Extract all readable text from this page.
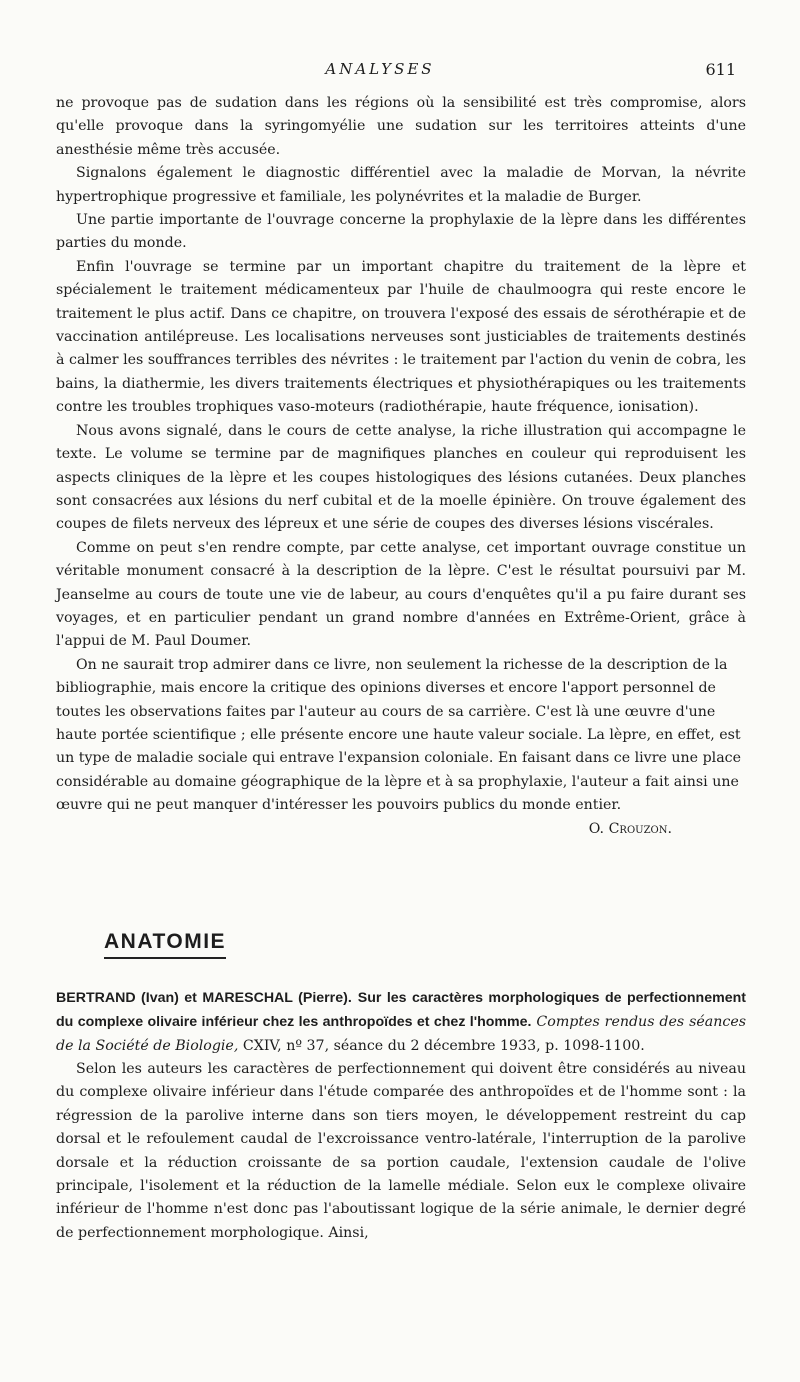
ANALYSES	611

ne provoque pas de sudation dans les régions où la sensibilité est très compromise, alors qu'elle provoque dans la syringomyélie une sudation sur les territoires atteints d'une anesthésie même très accusée.

Signalons également le diagnostic différentiel avec la maladie de Morvan, la névrite hypertrophique progressive et familiale, les polynévrites et la maladie de Burger.

Une partie importante de l'ouvrage concerne la prophylaxie de la lèpre dans les différentes parties du monde.

Enfin l'ouvrage se termine par un important chapitre du traitement de la lèpre et spécialement le traitement médicamenteux par l'huile de chaulmoogra qui reste encore le traitement le plus actif. Dans ce chapitre, on trouvera l'exposé des essais de sérothérapie et de vaccination antilépreuse. Les localisations nerveuses sont justiciables de traitements destinés à calmer les souffrances terribles des névrites : le traitement par l'action du venin de cobra, les bains, la diathermie, les divers traitements électriques et physiothérapiques ou les traitements contre les troubles trophiques vaso-moteurs (radiothérapie, haute fréquence, ionisation).

Nous avons signalé, dans le cours de cette analyse, la riche illustration qui accompagne le texte. Le volume se termine par de magnifiques planches en couleur qui reproduisent les aspects cliniques de la lèpre et les coupes histologiques des lésions cutanées. Deux planches sont consacrées aux lésions du nerf cubital et de la moelle épinière. On trouve également des coupes de filets nerveux des lépreux et une série de coupes des diverses lésions viscérales.

Comme on peut s'en rendre compte, par cette analyse, cet important ouvrage constitue un véritable monument consacré à la description de la lèpre. C'est le résultat poursuivi par M. Jeanselme au cours de toute une vie de labeur, au cours d'enquêtes qu'il a pu faire durant ses voyages, et en particulier pendant un grand nombre d'années en Extrême-Orient, grâce à l'appui de M. Paul Doumer.

On ne saurait trop admirer dans ce livre, non seulement la richesse de la description de la bibliographie, mais encore la critique des opinions diverses et encore l'apport personnel de toutes les observations faites par l'auteur au cours de sa carrière. C'est là une œuvre d'une haute portée scientifique ; elle présente encore une haute valeur sociale. La lèpre, en effet, est un type de maladie sociale qui entrave l'expansion coloniale. En faisant dans ce livre une place considérable au domaine géographique de la lèpre et à sa prophylaxie, l'auteur a fait ainsi une œuvre qui ne peut manquer d'intéresser les pouvoirs publics du monde entier.
O. Crouzon.

ANATOMIE

BERTRAND (Ivan) et MARESCHAL (Pierre). Sur les caractères morphologiques de perfectionnement du complexe olivaire inférieur chez les anthropoïdes et chez l'homme. Comptes rendus des séances de la Société de Biologie, CXIV, nº 37, séance du 2 décembre 1933, p. 1098-1100.

Selon les auteurs les caractères de perfectionnement qui doivent être considérés au niveau du complexe olivaire inférieur dans l'étude comparée des anthropoïdes et de l'homme sont : la régression de la parolive interne dans son tiers moyen, le développement restreint du cap dorsal et le refoulement caudal de l'excroissance ventro-latérale, l'interruption de la parolive dorsale et la réduction croissante de sa portion caudale, l'extension caudale de l'olive principale, l'isolement et la réduction de la lamelle médiale. Selon eux le complexe olivaire inférieur de l'homme n'est donc pas l'aboutissant logique de la série animale, le dernier degré de perfectionnement morphologique. Ainsi,
